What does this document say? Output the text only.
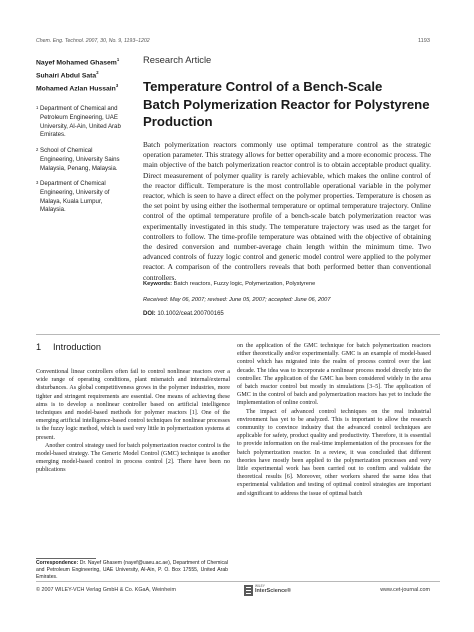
Chem. Eng. Technol. 2007, 30, No. 9, 1193–1202	1193
Nayef Mohamed Ghasem$^1$
Suhairi Abdul Sata$^2$
Mohamed Azlan Hussain$^3$
1 Department of Chemical and
Petroleum Engineering, UAE
University, Al-Ain, United Arab
Emirates.
2 School of Chemical
Engineering, University Sains
Malaysia, Penang, Malaysia.
3 Department of Chemical
Engineering, University of
Malaya, Kuala Lumpur,
Malaysia.
Research Article
Temperature Control of a Bench-Scale
Batch Polymerization Reactor for Polystyrene
Production
Batch polymerization reactors commonly use optimal temperature control as the strategic operation parameter. This strategy allows for better operability and a more economic process. The main objective of the batch polymerization reactor control is to obtain acceptable product quality. Direct measurement of polymer quality is rarely achievable, which makes the online control of the reactor difficult. Temperature is the most controllable operational variable in the polymer reactor, which is seen to have a direct effect on the polymer properties. Temperature is chosen as the set point by using either the isothermal temperature or optimal temperature trajectory. Online control of the optimal temperature profile of a bench-scale batch polymerization reactor was experimentally investigated in this study. The temperature trajectory was used as the target for controllers to follow. The time-profile temperature was obtained with the objective of obtaining the desired conversion and number-average chain length within the minimum time. Two advanced controls of fuzzy logic control and generic model control were applied to the polymer reactor. A comparison of the controllers reveals that both performed better than conventional controllers.
Keywords: Batch reactors, Fuzzy logic, Polymerization, Polystyrene
Received: May 06, 2007; revised: June 05, 2007; accepted: June 06, 2007
DOI: 10.1002/ceat.200700165
1 Introduction

Conventional linear controllers often fail to control nonlinear reactors over a wide range of operating conditions, plant mismatch and internal/external disturbances. As global competitiveness grows in the polymer industries, more tighter and stringent requirements are essential. One means of achieving these aims is to develop a nonlinear controller based on artificial intelligence techniques and model-based methods for polymer reactors [1]. One of the emerging artificial intelligence-based control techniques for nonlinear processes is the fuzzy logic method, which is used very little in polymerization systems at present.

Another control strategy used for batch polymerization reactor control is the model-based strategy. The Generic Model Control (GMC) technique is another emerging model-based control in process control [2]. There have been no publications

on the application of the GMC technique for batch polymerization reactors either theoretically and/or experimentally. GMC is an example of model-based control which has migrated into the realm of process control over the last decade. The idea was to incorporate a nonlinear process model directly into the controller. The application of the GMC has been considered widely in the area of batch reactor control but mostly in simulations [3–5]. The application of GMC in the control of batch and polymerization reactors has yet to include the implementation of online control.

The impact of advanced control techniques on the real industrial environment has yet to be analyzed. This is important to allow the research community to convince industry that the advanced control techniques are applicable for safety, product quality and productivity. Therefore, it is essential to provide information on the real-time implementation of the processes for the batch polymerization reactor. In a review, it was concluded that different theories have mostly been applied to the polymerization processes and very little experimental work has been carried out to confirm and validate the theoretical results [6]. Moreover, other workers shared the same idea that experimental validation and testing of optimal control strategies are important and significant to address the issue of optimal batch

Correspondence: Dr. Nayef Ghasem (nayef@uaeu.ac.ae), Department of Chemical and Petroleum Engineering, UAE University, Al-Ain, P. O. Box 17555, United Arab Emirates.
© 2007 WILEY-VCH Verlag GmbH & Co. KGaA, Weinheim
WILEY
InterScience®	www.cet-journal.com
